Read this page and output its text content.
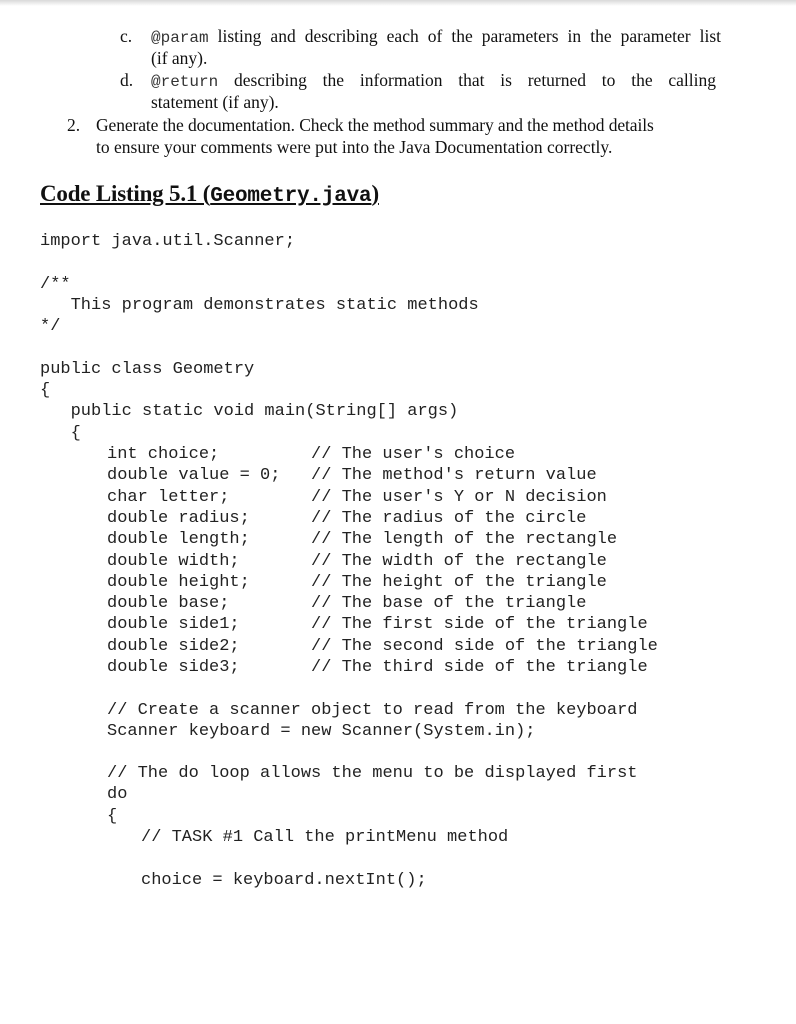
c. @param listing and describing each of the parameters in the parameter list
(if any).
d. @return describing the information that is returned to the calling
statement (if any).
2. Generate the documentation. Check the method summary and the method details
to ensure your comments were put into the Java Documentation correctly.
Code Listing 5.1 (Geometry.java)

import java.util.Scanner;

/**

This program demonstrates static methods

*/

public class Geometry

{

public static void main(String[] args)

{

int choice;	// The user's choice
double value = 0; // The method's return value
char letter;	// The user's Y or N decision
double radius;	// The radius of the circle
double length;	// The length of the rectangle
double width;	// The width of the rectangle
double height;	// The height of the triangle
double base;	// The base of the triangle
double side1;	// The first side of the triangle
double side2;	// The second side of the triangle
double side3;	// The third side of the triangle

// Create a scanner object to read from the keyboard

Scanner keyboard = new Scanner(System.in);

// The do loop allows the menu to be displayed first

do

{

// TASK #1 Call the printMenu method

choice = keyboard.nextInt();
